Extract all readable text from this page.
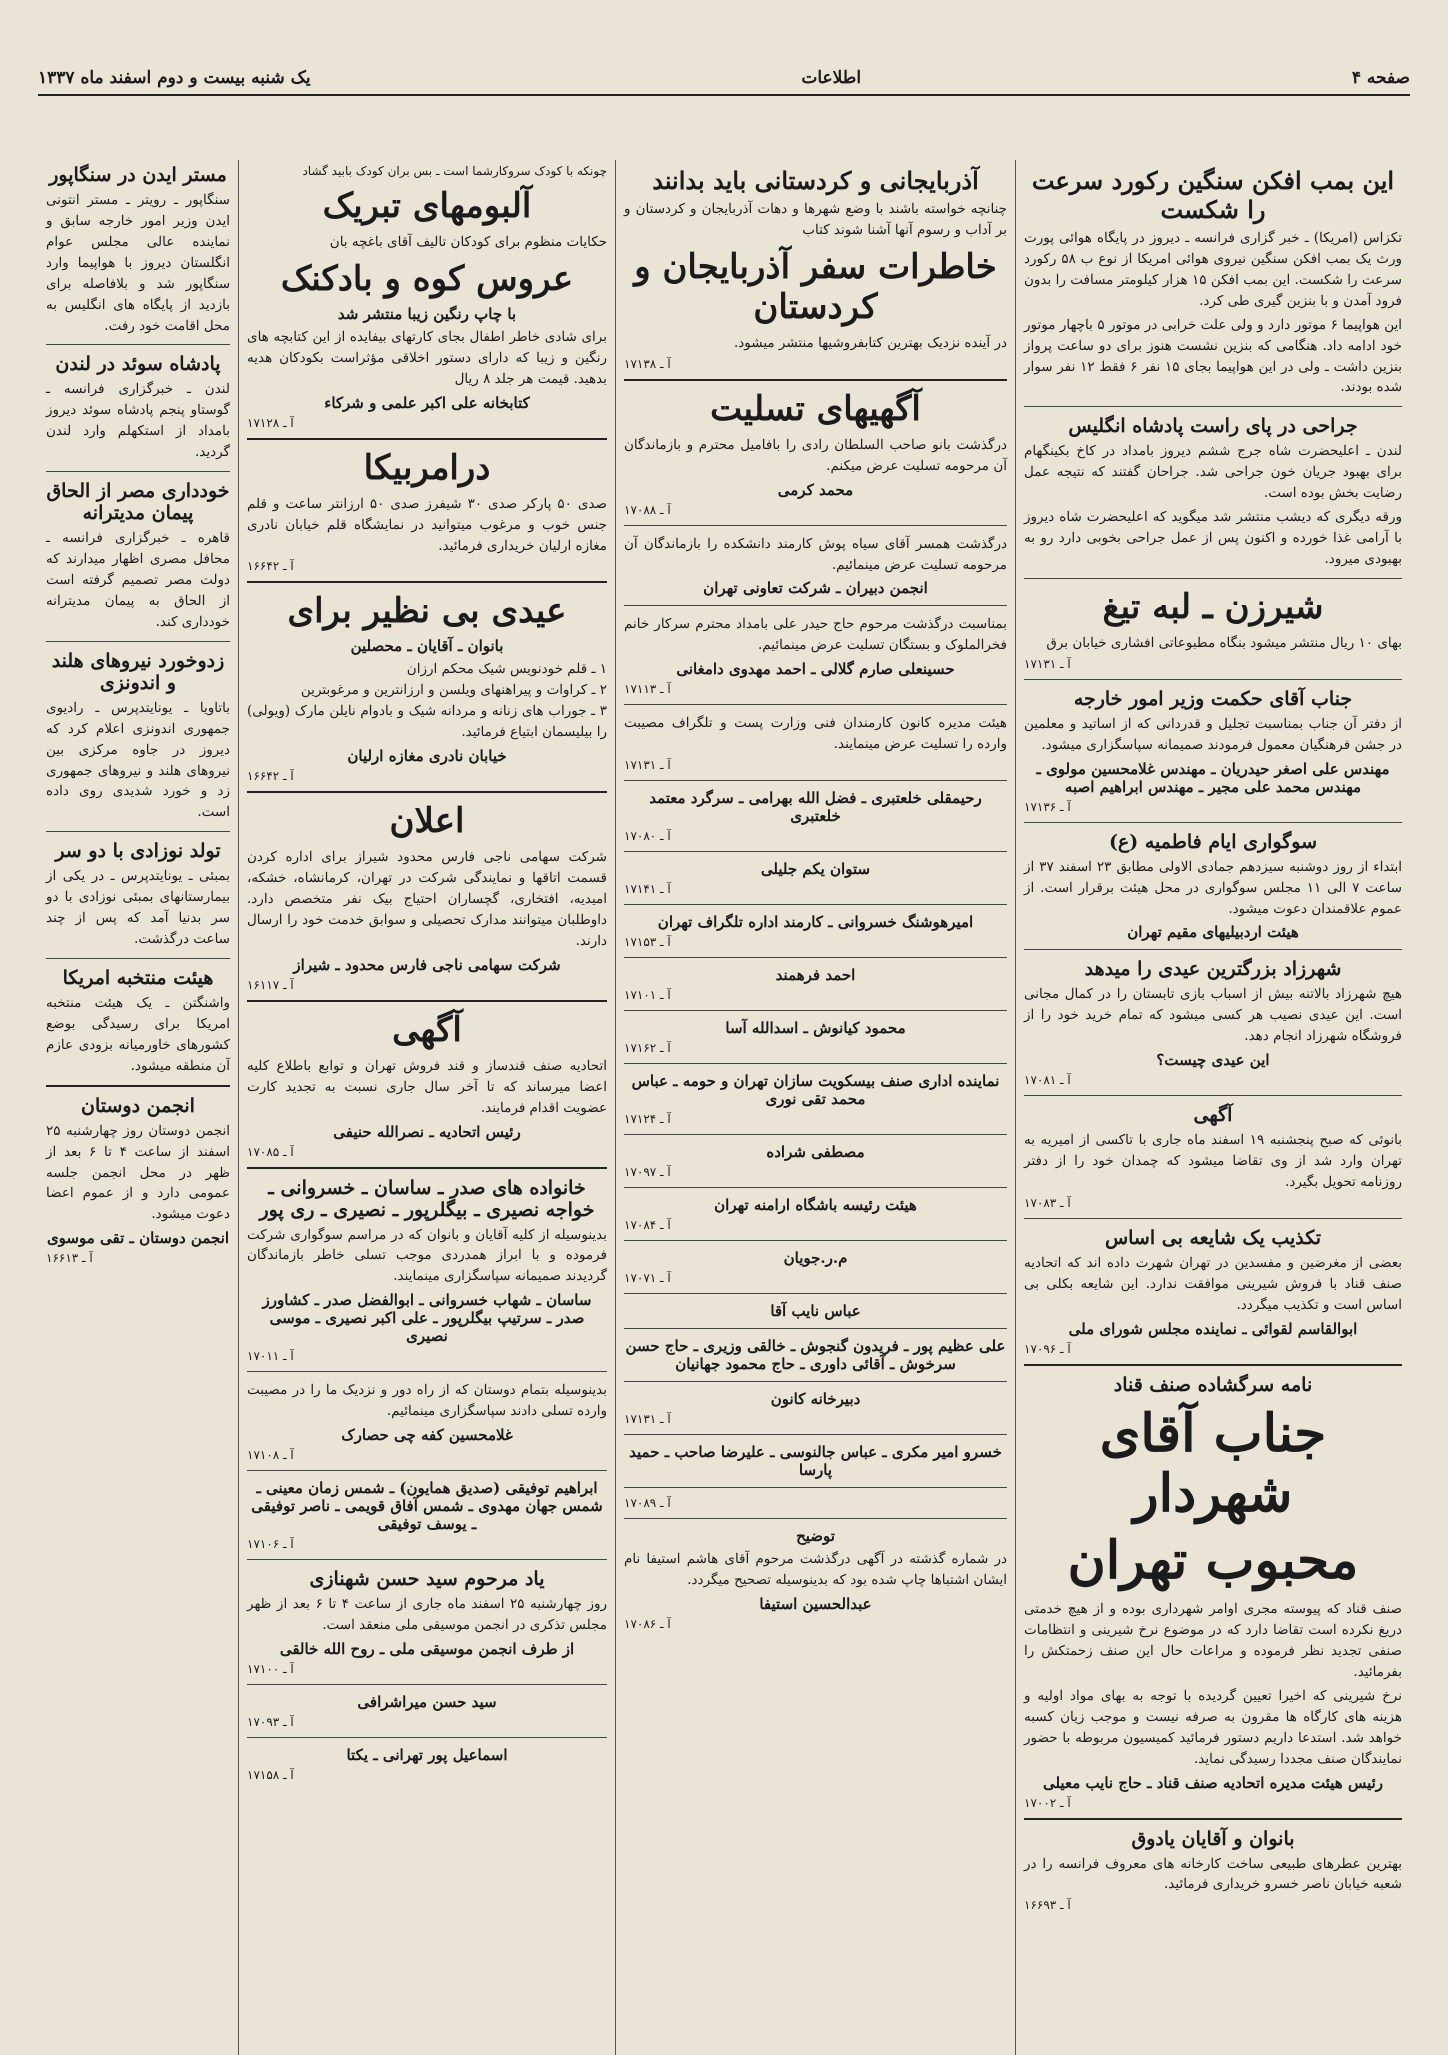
صفحه ۴
اطلاعات
یک شنبه بیست و دوم اسفند ماه ۱۳۳۷
این بمب افکن سنگین رکورد سرعت را شکست
تکزاس (امریکا) ـ خبر گزاری فرانسه ـ دیروز در پایگاه هوائی پورت ورث یک بمب افکن سنگین نیروی هوائی امریکا از نوع ب ۵۸ رکورد سرعت را شکست. این بمب افکن ۱۵ هزار کیلومتر مسافت را بدون فرود آمدن و با بنزین گیری طی کرد.
این هواپیما ۶ موتور دارد و ولی علت خرابی در موتور ۵ باچهار موتور خود ادامه داد. هنگامی که بنزین نشست هنوز برای دو ساعت پرواز بنزین داشت ـ ولی در این هواپیما بجای ۱۵ نفر ۶ فقط ۱۲ نفر سوار شده بودند.
جراحی در پای راست پادشاه انگلیس
لندن ـ اعلیحضرت شاه جرج ششم دیروز بامداد در کاخ بکینگهام برای بهبود جریان خون جراحی شد. جراحان گفتند که نتیجه عمل رضایت بخش بوده است.
ورقه دیگری که دیشب منتشر شد میگوید که اعلیحضرت شاه دیروز با آرامی غذا خورده و اکنون پس از عمل جراحی بخوبی دارد رو به بهبودی میرود.
شیرزن ـ لبه تیغ
بهای ۱۰ ریال منتشر میشود بنگاه مطبوعاتی افشاری خیابان برق
آ ـ ۱۷۱۳۱
جناب آقای حکمت وزیر امور خارجه
از دفتر آن جناب بمناسبت تجلیل و قدردانی که از اساتید و معلمین در جشن فرهنگیان معمول فرمودند صمیمانه سپاسگزاری میشود.
مهندس علی اصغر حیدریان ـ مهندس غلامحسین مولوی ـ مهندس محمد علی مجیر ـ مهندس ابراهیم اصبه
آ ـ ۱۷۱۳۶
سوگواری ایام فاطمیه (ع)
ابتداء از روز دوشنبه سیزدهم جمادی الاولی مطابق ۲۳ اسفند ۳۷ از ساعت ۷ الی ۱۱ مجلس سوگواری در محل هیئت برقرار است. از عموم علاقمندان دعوت میشود.
هیئت اردبیلیهای مقیم تهران
شهرزاد بزرگترین عیدی را میدهد
هیچ شهرزاد بالاتنه بیش از اسباب بازی تابستان را در کمال مجانی است. این عیدی نصیب هر کسی میشود که تمام خرید خود را از فروشگاه شهرزاد انجام دهد.
این عیدی چیست؟
آ ـ ۱۷۰۸۱
آگهی
بانوئی که صبح پنجشنبه ۱۹ اسفند ماه جاری با تاکسی از امیریه به تهران وارد شد از وی تقاضا میشود که چمدان خود را از دفتر روزنامه تحویل بگیرد.
آ ـ ۱۷۰۸۳
تکذیب یک شایعه بی اساس
بعضی از مغرضین و مفسدین در تهران شهرت داده اند که اتحادیه صنف قناد با فروش شیرینی موافقت ندارد. این شایعه بکلی بی اساس است و تکذیب میگردد.
ابوالقاسم لقوائی ـ نماینده مجلس شورای ملی
آ ـ ۱۷۰۹۶
نامه سرگشاده صنف قناد
جناب آقای شهردار
محبوب تهران
صنف قناد که پیوسته مجری اوامر شهرداری بوده و از هیچ خدمتی دریغ نکرده است تقاضا دارد که در موضوع نرخ شیرینی و انتظامات صنفی تجدید نظر فرموده و مراعات حال این صنف زحمتکش را بفرمائید.
نرخ شیرینی که اخیرا تعیین گردیده با توجه به بهای مواد اولیه و هزینه های کارگاه ها مقرون به صرفه نیست و موجب زیان کسبه خواهد شد. استدعا داریم دستور فرمائید کمیسیون مربوطه با حضور نمایندگان صنف مجددا رسیدگی نماید.
رئیس هیئت مدیره اتحادیه صنف قناد ـ حاج نایب معیلی
آ ـ ۱۷۰۰۲
بانوان و آقایان یادوق
بهترین عطرهای طبیعی ساخت کارخانه های معروف فرانسه را در شعبه خیابان ناصر خسرو خریداری فرمائید.
آ ـ ۱۶۶۹۳
آذربایجانی و کردستانی باید بدانند
چنانچه خواسته باشند با وضع شهرها و دهات آذربایجان و کردستان و بر آداب و رسوم آنها آشنا شوند کتاب
خاطرات سفر آذربایجان و کردستان
در آینده نزدیک بهترین کتابفروشیها منتشر میشود.
آ ـ ۱۷۱۳۸
آگهیهای تسلیت
درگذشت بانو صاحب السلطان رادی را بافامیل محترم و بازماندگان آن مرحومه تسلیت عرض میکنم.
محمد کرمی
آ ـ ۱۷۰۸۸
درگذشت همسر آقای سیاه پوش کارمند دانشکده را بازماندگان آن مرحومه تسلیت عرض مینمائیم.
انجمن دبیران ـ شرکت تعاونی تهران
بمناسبت درگذشت مرحوم حاج حیدر علی بامداد محترم سرکار خانم فخرالملوک و بستگان تسلیت عرض مینمائیم.
حسینعلی صارم گلالی ـ احمد مهدوی دامغانی
آ ـ ۱۷۱۱۳
هیئت مدیره کانون کارمندان فنی وزارت پست و تلگراف مصیبت وارده را تسلیت عرض مینمایند.
آ ـ ۱۷۱۳۱
رحیمقلی خلعتبری ـ فضل الله بهرامی ـ سرگرد معتمد خلعتبری
آ ـ ۱۷۰۸۰
ستوان یکم جلیلی
آ ـ ۱۷۱۴۱
امیرهوشنگ خسروانی ـ کارمند اداره تلگراف تهران
آ ـ ۱۷۱۵۳
احمد فرهمند
آ ـ ۱۷۱۰۱
محمود کیانوش ـ اسدالله آسا
آ ـ ۱۷۱۶۲
نماینده اداری صنف بیسکویت سازان تهران و حومه ـ عباس محمد تقی نوری
آ ـ ۱۷۱۲۴
مصطفی شراده
آ ـ ۱۷۰۹۷
هیئت رئیسه باشگاه ارامنه تهران
آ ـ ۱۷۰۸۴
م.ر.جویان
آ ـ ۱۷۰۷۱
عباس نایب آقا
علی عظیم پور ـ فریدون گنجوش ـ خالقی وزیری ـ حاج حسن سرخوش ـ آقائی داوری ـ حاج محمود جهانیان
دبیرخانه کانون
آ ـ ۱۷۱۳۱
خسرو امیر مکری ـ عباس جالنوسی ـ علیرضا صاحب ـ حمید پارسا
آ ـ ۱۷۰۸۹
توضیح
در شماره گذشته در آگهی درگذشت مرحوم آقای هاشم استیفا نام ایشان اشتباها چاپ شده بود که بدینوسیله تصحیح میگردد.
عبدالحسین استیفا
آ ـ ۱۷۰۸۶
چونکه با کودک سروکارشما است ـ بس بران کودک بابید گشاد
آلبومهای تبریک
حکایات منظوم برای کودکان تالیف آقای باغچه بان
عروس کوه و بادکنک
با چاپ رنگین زیبا منتشر شد
برای شادی خاطر اطفال بجای کارتهای بیفایده از این کتابچه های رنگین و زیبا که دارای دستور اخلاقی مؤثراست بکودکان هدیه بدهید. قیمت هر جلد ۸ ریال
کتابخانه علی اکبر علمی و شرکاء
آ ـ ۱۷۱۲۸
درامربیکا
صدی ۵۰ پارکر صدی ۳۰ شیفرز صدی ۵۰ ارزانتر ساعت و قلم جنس خوب و مرغوب میتوانید در نمایشگاه قلم خیابان نادری مغازه ارلیان خریداری فرمائید.
آ ـ ۱۶۶۴۲
عیدی بی نظیر برای
بانوان ـ آقایان ـ محصلین
۱ ـ قلم خودنویس شیک محکم ارزان
۲ ـ کراوات و پیراهنهای ویلسن و ارزانترین و مرغوبترین
۳ ـ جوراب های زنانه و مردانه شیک و بادوام نایلن مارک (ویولی) را بیلیسمان ابتیاع فرمائید.
خیابان نادری مغازه ارلیان
آ ـ ۱۶۶۴۲
اعلان
شرکت سهامی ناجی فارس محدود شیراز برای اداره کردن قسمت اتاقها و نمایندگی شرکت در تهران، کرمانشاه، خشکه، امیدیه، افتخاری، گچساران احتیاج بیک نفر متخصص دارد. داوطلبان میتوانند مدارک تحصیلی و سوابق خدمت خود را ارسال دارند.
شرکت سهامی ناجی فارس محدود ـ شیراز
آ ـ ۱۶۱۱۷
آگهی
اتحادیه صنف قندساز و قند فروش تهران و توابع باطلاع کلیه اعضا میرساند که تا آخر سال جاری نسبت به تجدید کارت عضویت اقدام فرمایند.
رئیس اتحادیه ـ نصرالله حنیفی
آ ـ ۱۷۰۸۵
خانواده های صدر ـ ساسان ـ خسروانی ـ خواجه نصیری ـ بیگلرپور ـ نصیری ـ ری پور
بدینوسیله از کلیه آقایان و بانوان که در مراسم سوگواری شرکت فرموده و با ابراز همدردی موجب تسلی خاطر بازماندگان گردیدند صمیمانه سپاسگزاری مینمایند.
ساسان ـ شهاب خسروانی ـ ابوالفضل صدر ـ کشاورز صدر ـ سرتیپ بیگلرپور ـ علی اکبر نصیری ـ موسی نصیری
آ ـ ۱۷۰۱۱
بدینوسیله بتمام دوستان که از راه دور و نزدیک ما را در مصیبت وارده تسلی دادند سپاسگزاری مینمائیم.
غلامحسین کفه چی حصارک
آ ـ ۱۷۱۰۸
ابراهیم توفیقی (صدیق همایون) ـ شمس زمان معینی ـ شمس جهان مهدوی ـ شمس آفاق قویمی ـ ناصر توفیقی ـ یوسف توفیقی
آ ـ ۱۷۱۰۶
یاد مرحوم سید حسن شهنازی
روز چهارشنبه ۲۵ اسفند ماه جاری از ساعت ۴ تا ۶ بعد از ظهر مجلس تذکری در انجمن موسیقی ملی منعقد است.
از طرف انجمن موسیقی ملی ـ روح الله خالقی
آ ـ ۱۷۱۰۰
سید حسن میراشرافی
آ ـ ۱۷۰۹۳
اسماعیل پور تهرانی ـ یکتا
آ ـ ۱۷۱۵۸
مستر ایدن در سنگاپور
سنگاپور ـ رویتر ـ مستر انتونی ایدن وزیر امور خارجه سابق و نماینده عالی مجلس عوام انگلستان دیروز با هواپیما وارد سنگاپور شد و بلافاصله برای بازدید از پایگاه های انگلیس به محل اقامت خود رفت.
پادشاه سوئد در لندن
لندن ـ خبرگزاری فرانسه ـ گوستاو پنجم پادشاه سوئد دیروز بامداد از استکهلم وارد لندن گردید.
خودداری مصر از الحاق پیمان مدیترانه
قاهره ـ خبرگزاری فرانسه ـ محافل مصری اظهار میدارند که دولت مصر تصمیم گرفته است از الحاق به پیمان مدیترانه خودداری کند.
زدوخورد نیروهای هلند و اندونزی
باتاویا ـ یونایتدپرس ـ رادیوی جمهوری اندونزی اعلام کرد که دیروز در جاوه مرکزی بین نیروهای هلند و نیروهای جمهوری زد و خورد شدیدی روی داده است.
تولد نوزادی با دو سر
بمبئی ـ یونایتدپرس ـ در یکی از بیمارستانهای بمبئی نوزادی با دو سر بدنیا آمد که پس از چند ساعت درگذشت.
هیئت منتخبه امریکا
واشنگتن ـ یک هیئت منتخبه امریکا برای رسیدگی بوضع کشورهای خاورمیانه بزودی عازم آن منطقه میشود.
انجمن دوستان
انجمن دوستان روز چهارشنبه ۲۵ اسفند از ساعت ۴ تا ۶ بعد از ظهر در محل انجمن جلسه عمومی دارد و از عموم اعضا دعوت میشود.
انجمن دوستان ـ تقی موسوی
آ ـ ۱۶۶۱۳
